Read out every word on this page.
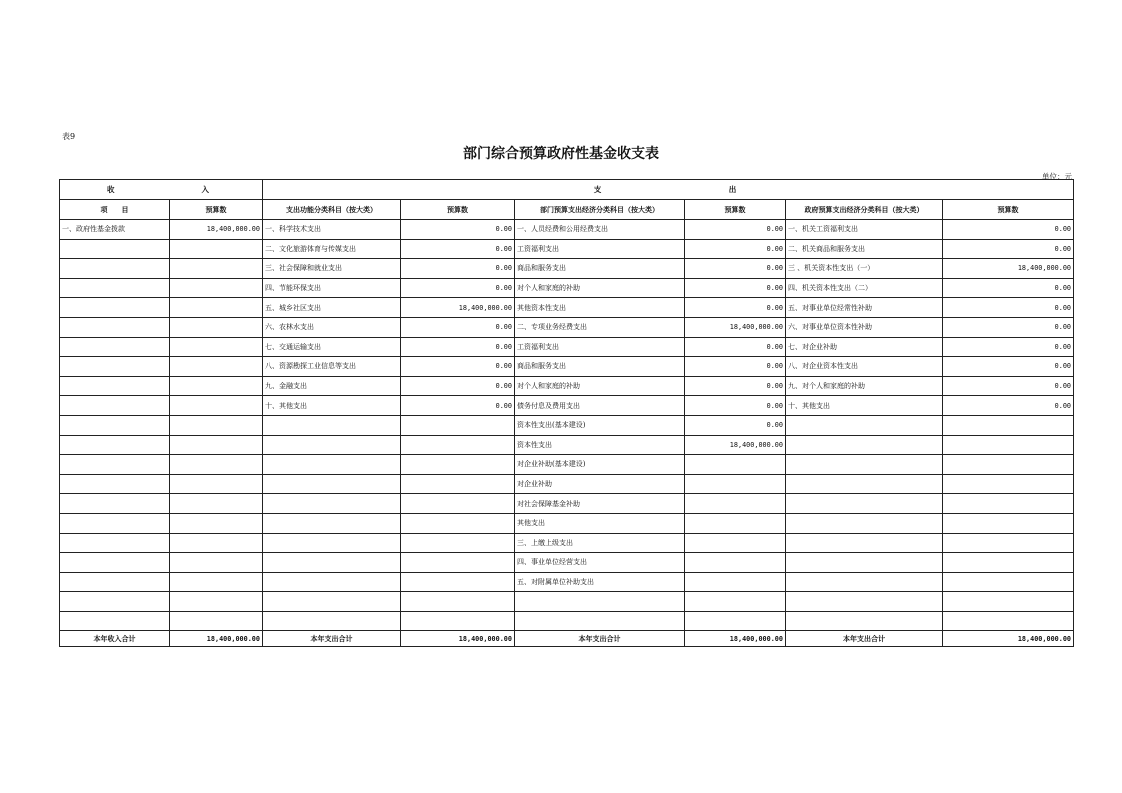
表9
部门综合预算政府性基金收支表
单位：元
收　　　　　　入		支　　　　　　　　　出					
项　　目	预算数	支出功能分类科目（按大类）	预算数	部门预算支出经济分类科目（按大类）	预算数	政府预算支出经济分类科目（按大类）	预算数
一、政府性基金拨款	18,400,000.00	一、科学技术支出	0.00	一、人员经费和公用经费支出	0.00	一、机关工资福利支出	0.00
		二、文化旅游体育与传媒支出	0.00	工资福利支出	0.00	二、机关商品和服务支出	0.00
		三、社会保障和就业支出	0.00	商品和服务支出	0.00	三 、机关资本性支出（一）	18,400,000.00
		四、节能环保支出	0.00	对个人和家庭的补助	0.00	四、机关资本性支出（二）	0.00
		五、城乡社区支出	18,400,000.00	其他资本性支出	0.00	五、对事业单位经常性补助	0.00
		六、农林水支出	0.00	二、专项业务经费支出	18,400,000.00	六、对事业单位资本性补助	0.00
		七、交通运输支出	0.00	工资福利支出	0.00	七、对企业补助	0.00
		八、资源勘探工业信息等支出	0.00	商品和服务支出	0.00	八、对企业资本性支出	0.00
		九、金融支出	0.00	对个人和家庭的补助	0.00	九、对个人和家庭的补助	0.00
		十、其他支出	0.00	债务付息及费用支出	0.00	十、其他支出	0.00
				资本性支出(基本建设)	0.00		
				资本性支出	18,400,000.00		
				对企业补助(基本建设)			
				对企业补助			
				对社会保障基金补助			
				其他支出			
				三、上缴上级支出			
				四、事业单位经营支出			
				五、对附属单位补助支出			

本年收入合计	18,400,000.00	本年支出合计	18,400,000.00	本年支出合计	18,400,000.00	本年支出合计	18,400,000.00
